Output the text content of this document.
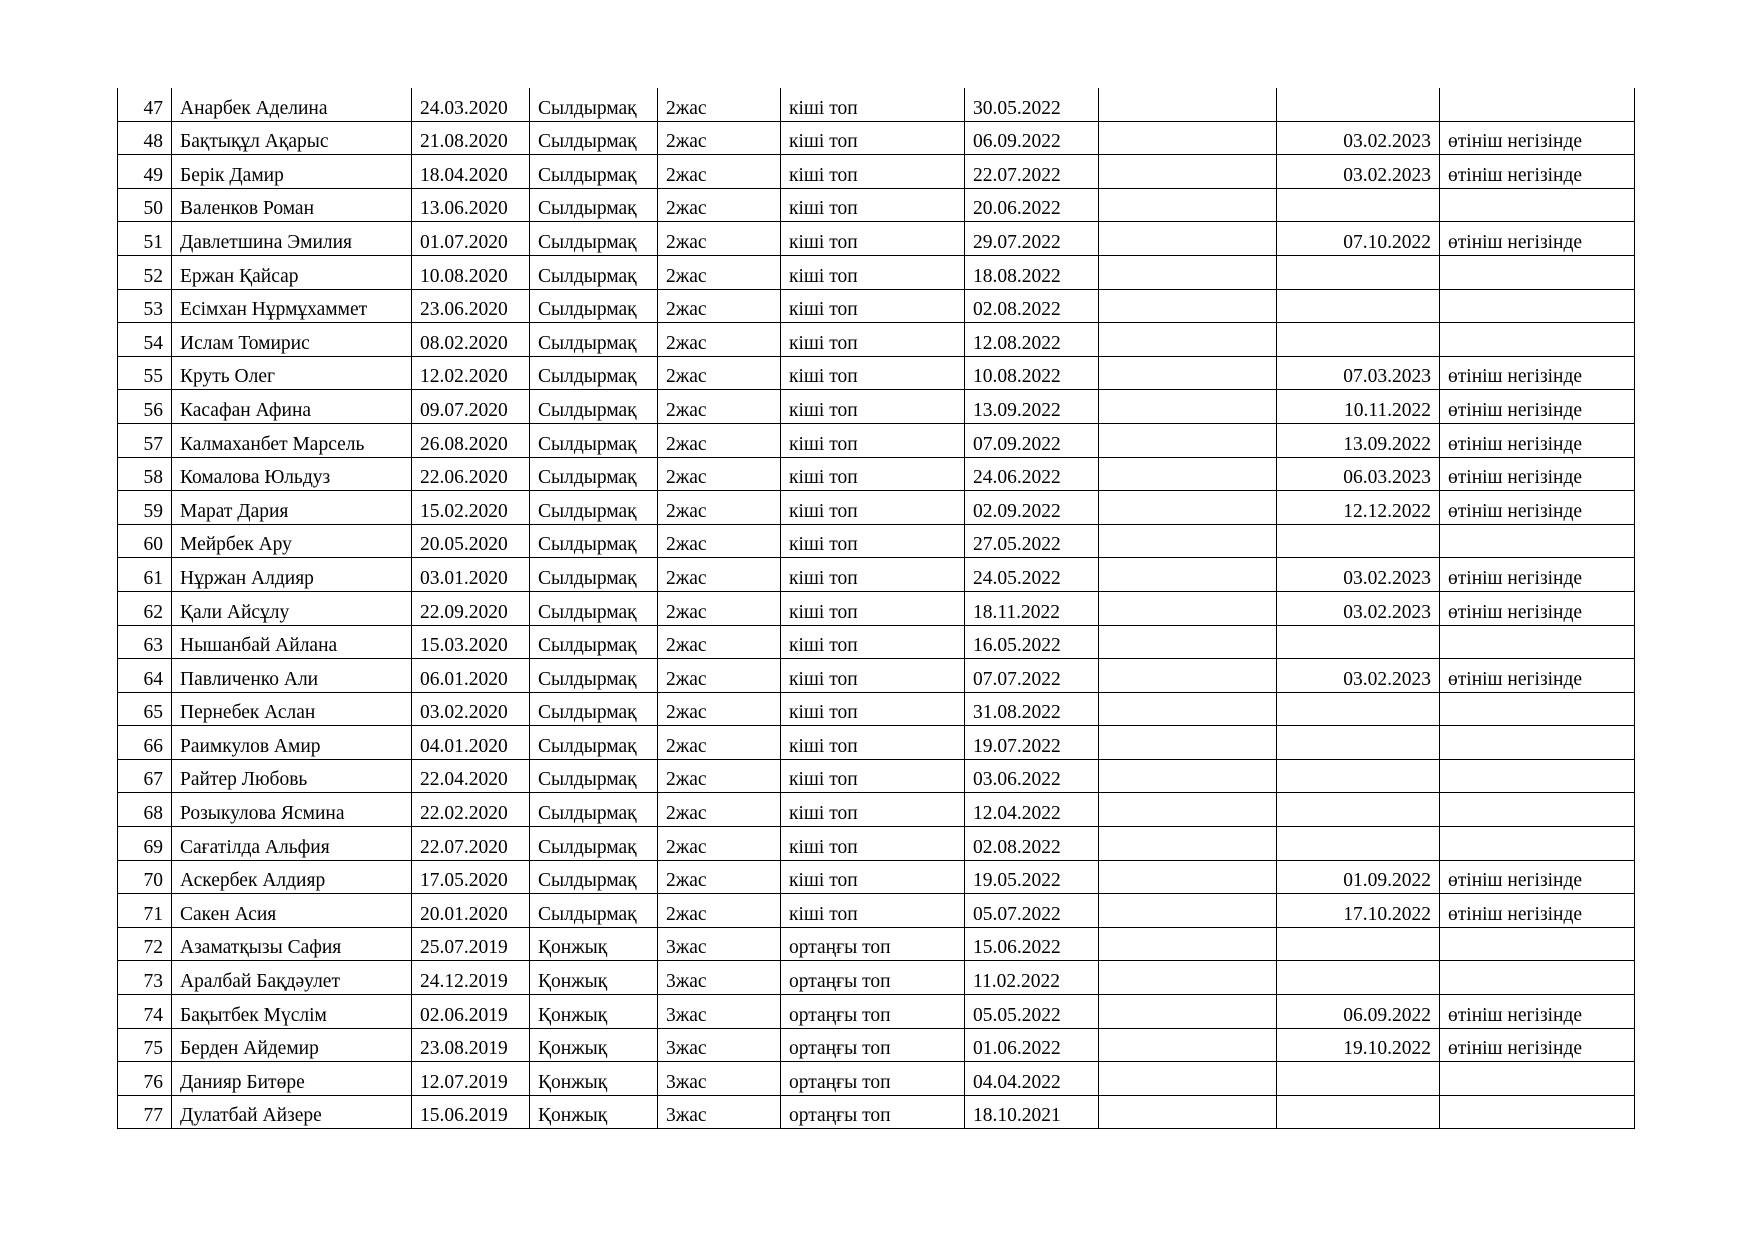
47	Анарбек Аделина	24.03.2020	Сылдырмақ	2жас	кіші топ	30.05.2022			
48	Бақтықұл Ақарыс	21.08.2020	Сылдырмақ	2жас	кіші топ	06.09.2022		03.02.2023	өтініш негізінде
49	Берік Дамир	18.04.2020	Сылдырмақ	2жас	кіші топ	22.07.2022		03.02.2023	өтініш негізінде
50	Валенков Роман	13.06.2020	Сылдырмақ	2жас	кіші топ	20.06.2022			
51	Давлетшина Эмилия	01.07.2020	Сылдырмақ	2жас	кіші топ	29.07.2022		07.10.2022	өтініш негізінде
52	Ержан Қайсар	10.08.2020	Сылдырмақ	2жас	кіші топ	18.08.2022			
53	Есімхан Нұрмұхаммет	23.06.2020	Сылдырмақ	2жас	кіші топ	02.08.2022			
54	Ислам Томирис	08.02.2020	Сылдырмақ	2жас	кіші топ	12.08.2022			
55	Круть Олег	12.02.2020	Сылдырмақ	2жас	кіші топ	10.08.2022		07.03.2023	өтініш негізінде
56	Касафан Афина	09.07.2020	Сылдырмақ	2жас	кіші топ	13.09.2022		10.11.2022	өтініш негізінде
57	Калмаханбет Марсель	26.08.2020	Сылдырмақ	2жас	кіші топ	07.09.2022		13.09.2022	өтініш негізінде
58	Комалова Юльдуз	22.06.2020	Сылдырмақ	2жас	кіші топ	24.06.2022		06.03.2023	өтініш негізінде
59	Марат Дария	15.02.2020	Сылдырмақ	2жас	кіші топ	02.09.2022		12.12.2022	өтініш негізінде
60	Мейрбек Ару	20.05.2020	Сылдырмақ	2жас	кіші топ	27.05.2022			
61	Нұржан Алдияр	03.01.2020	Сылдырмақ	2жас	кіші топ	24.05.2022		03.02.2023	өтініш негізінде
62	Қали Айсұлу	22.09.2020	Сылдырмақ	2жас	кіші топ	18.11.2022		03.02.2023	өтініш негізінде
63	Нышанбай Айлана	15.03.2020	Сылдырмақ	2жас	кіші топ	16.05.2022			
64	Павличенко Али	06.01.2020	Сылдырмақ	2жас	кіші топ	07.07.2022		03.02.2023	өтініш негізінде
65	Пернебек Аслан	03.02.2020	Сылдырмақ	2жас	кіші топ	31.08.2022			
66	Раимкулов Амир	04.01.2020	Сылдырмақ	2жас	кіші топ	19.07.2022			
67	Райтер Любовь	22.04.2020	Сылдырмақ	2жас	кіші топ	03.06.2022			
68	Розыкулова Ясмина	22.02.2020	Сылдырмақ	2жас	кіші топ	12.04.2022			
69	Сағатілда Альфия	22.07.2020	Сылдырмақ	2жас	кіші топ	02.08.2022			
70	Аскербек Алдияр	17.05.2020	Сылдырмақ	2жас	кіші топ	19.05.2022		01.09.2022	өтініш негізінде
71	Сакен Асия	20.01.2020	Сылдырмақ	2жас	кіші топ	05.07.2022		17.10.2022	өтініш негізінде
72	Азаматқызы Сафия	25.07.2019	Қонжық	3жас	ортаңғы топ	15.06.2022			
73	Аралбай Бақдәулет	24.12.2019	Қонжық	3жас	ортаңғы топ	11.02.2022			
74	Бақытбек Мүслім	02.06.2019	Қонжық	3жас	ортаңғы топ	05.05.2022		06.09.2022	өтініш негізінде
75	Берден Айдемир	23.08.2019	Қонжық	3жас	ортаңғы топ	01.06.2022		19.10.2022	өтініш негізінде
76	Данияр Битөре	12.07.2019	Қонжық	3жас	ортаңғы топ	04.04.2022			
77	Дулатбай Айзере	15.06.2019	Қонжық	3жас	ортаңғы топ	18.10.2021			
